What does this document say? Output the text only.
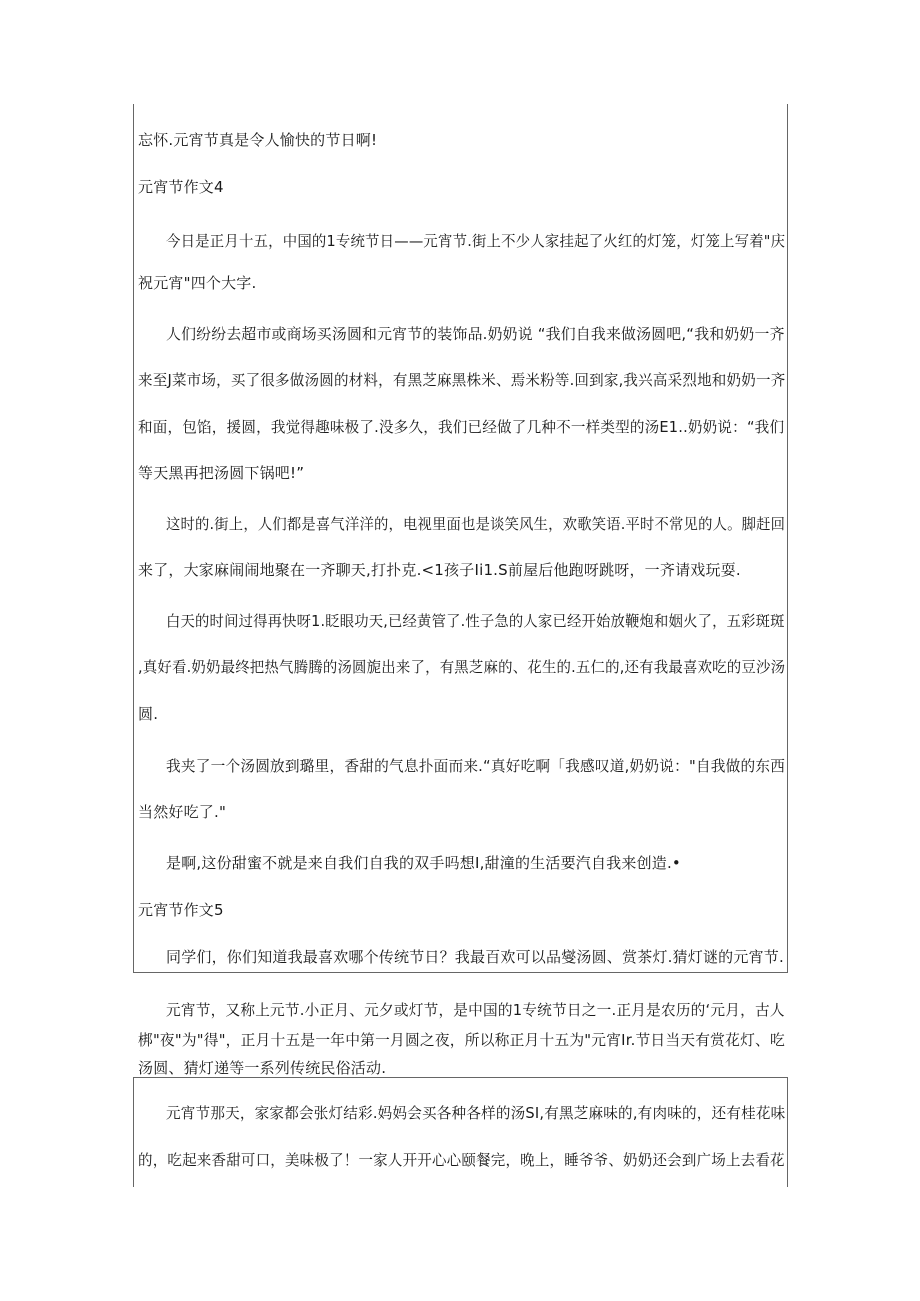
忘怀.元宵节真是令人愉快的节日啊!
元宵节作文4
今日是正月十五，中国的1专统节日——元宵节.街上不少人家挂起了火红的灯笼，灯笼上写着"庆
祝元宵"四个大字.
人们纷纷去超市或商场买汤圆和元宵节的装饰品.奶奶说 “我们自我来做汤圆吧,“我和奶奶一齐
来至J菜市场，买了很多做汤圆的材料，有黑芝麻黑株米、焉米粉等.回到家,我兴高采烈地和奶奶一齐
和面，包馅，援圆，我觉得趣味极了.没多久，我们已经做了几种不一样类型的汤E1..奶奶说：“我们
等天黑再把汤圆下锅吧!”
这时的.街上，人们都是喜气洋洋的，电视里面也是谈笑风生，欢歌笑语.平时不常见的人。脚赶回
来了，大家麻闹闹地聚在一齐聊天,打扑克.<1孩子Ii1.S前屋后他跑呀跳呀，一齐请戏玩耍.
白天的时间过得再快呀1.眨眼功天,已经黄管了.性子急的人家已经开始放鞭炮和姻火了，五彩斑斑
,真好看.奶奶最终把热气腾腾的汤圆旎出来了，有黑芝麻的、花生的.五仁的,还有我最喜欢吃的豆沙汤
圆.
我夹了一个汤圆放到璐里，香甜的气息扑面而来.“真好吃啊「我感叹道,奶奶说："自我做的东西
当然好吃了."
是啊,这份甜蜜不就是来自我们自我的双手吗想I,甜潼的生活要汽自我来创造.•
元宵节作文5
同学们，你们知道我最喜欢哪个传统节日？我最百欢可以品燮汤圆、赏茶灯.猜灯谜的元宵节.
元宵节，又称上元节.小正月、元夕或灯节，是中国的1专统节日之一.正月是农历的‘元月，古人
梆"夜"为"得"，正月十五是一年中第一月圆之夜，所以称正月十五为"元宵Ir.节日当天有赏花灯、吃
汤圆、猜灯递等一系列传统民俗活动.
元宵节那天，家家都会张灯结彩.妈妈会买各种各样的汤SI,有黑芝麻味的,有肉味的，还有桂花味
的，吃起来香甜可口，美味极了！一家人开开心心颐餐完，晚上，睡爷爷、奶奶还会到广场上去看花
